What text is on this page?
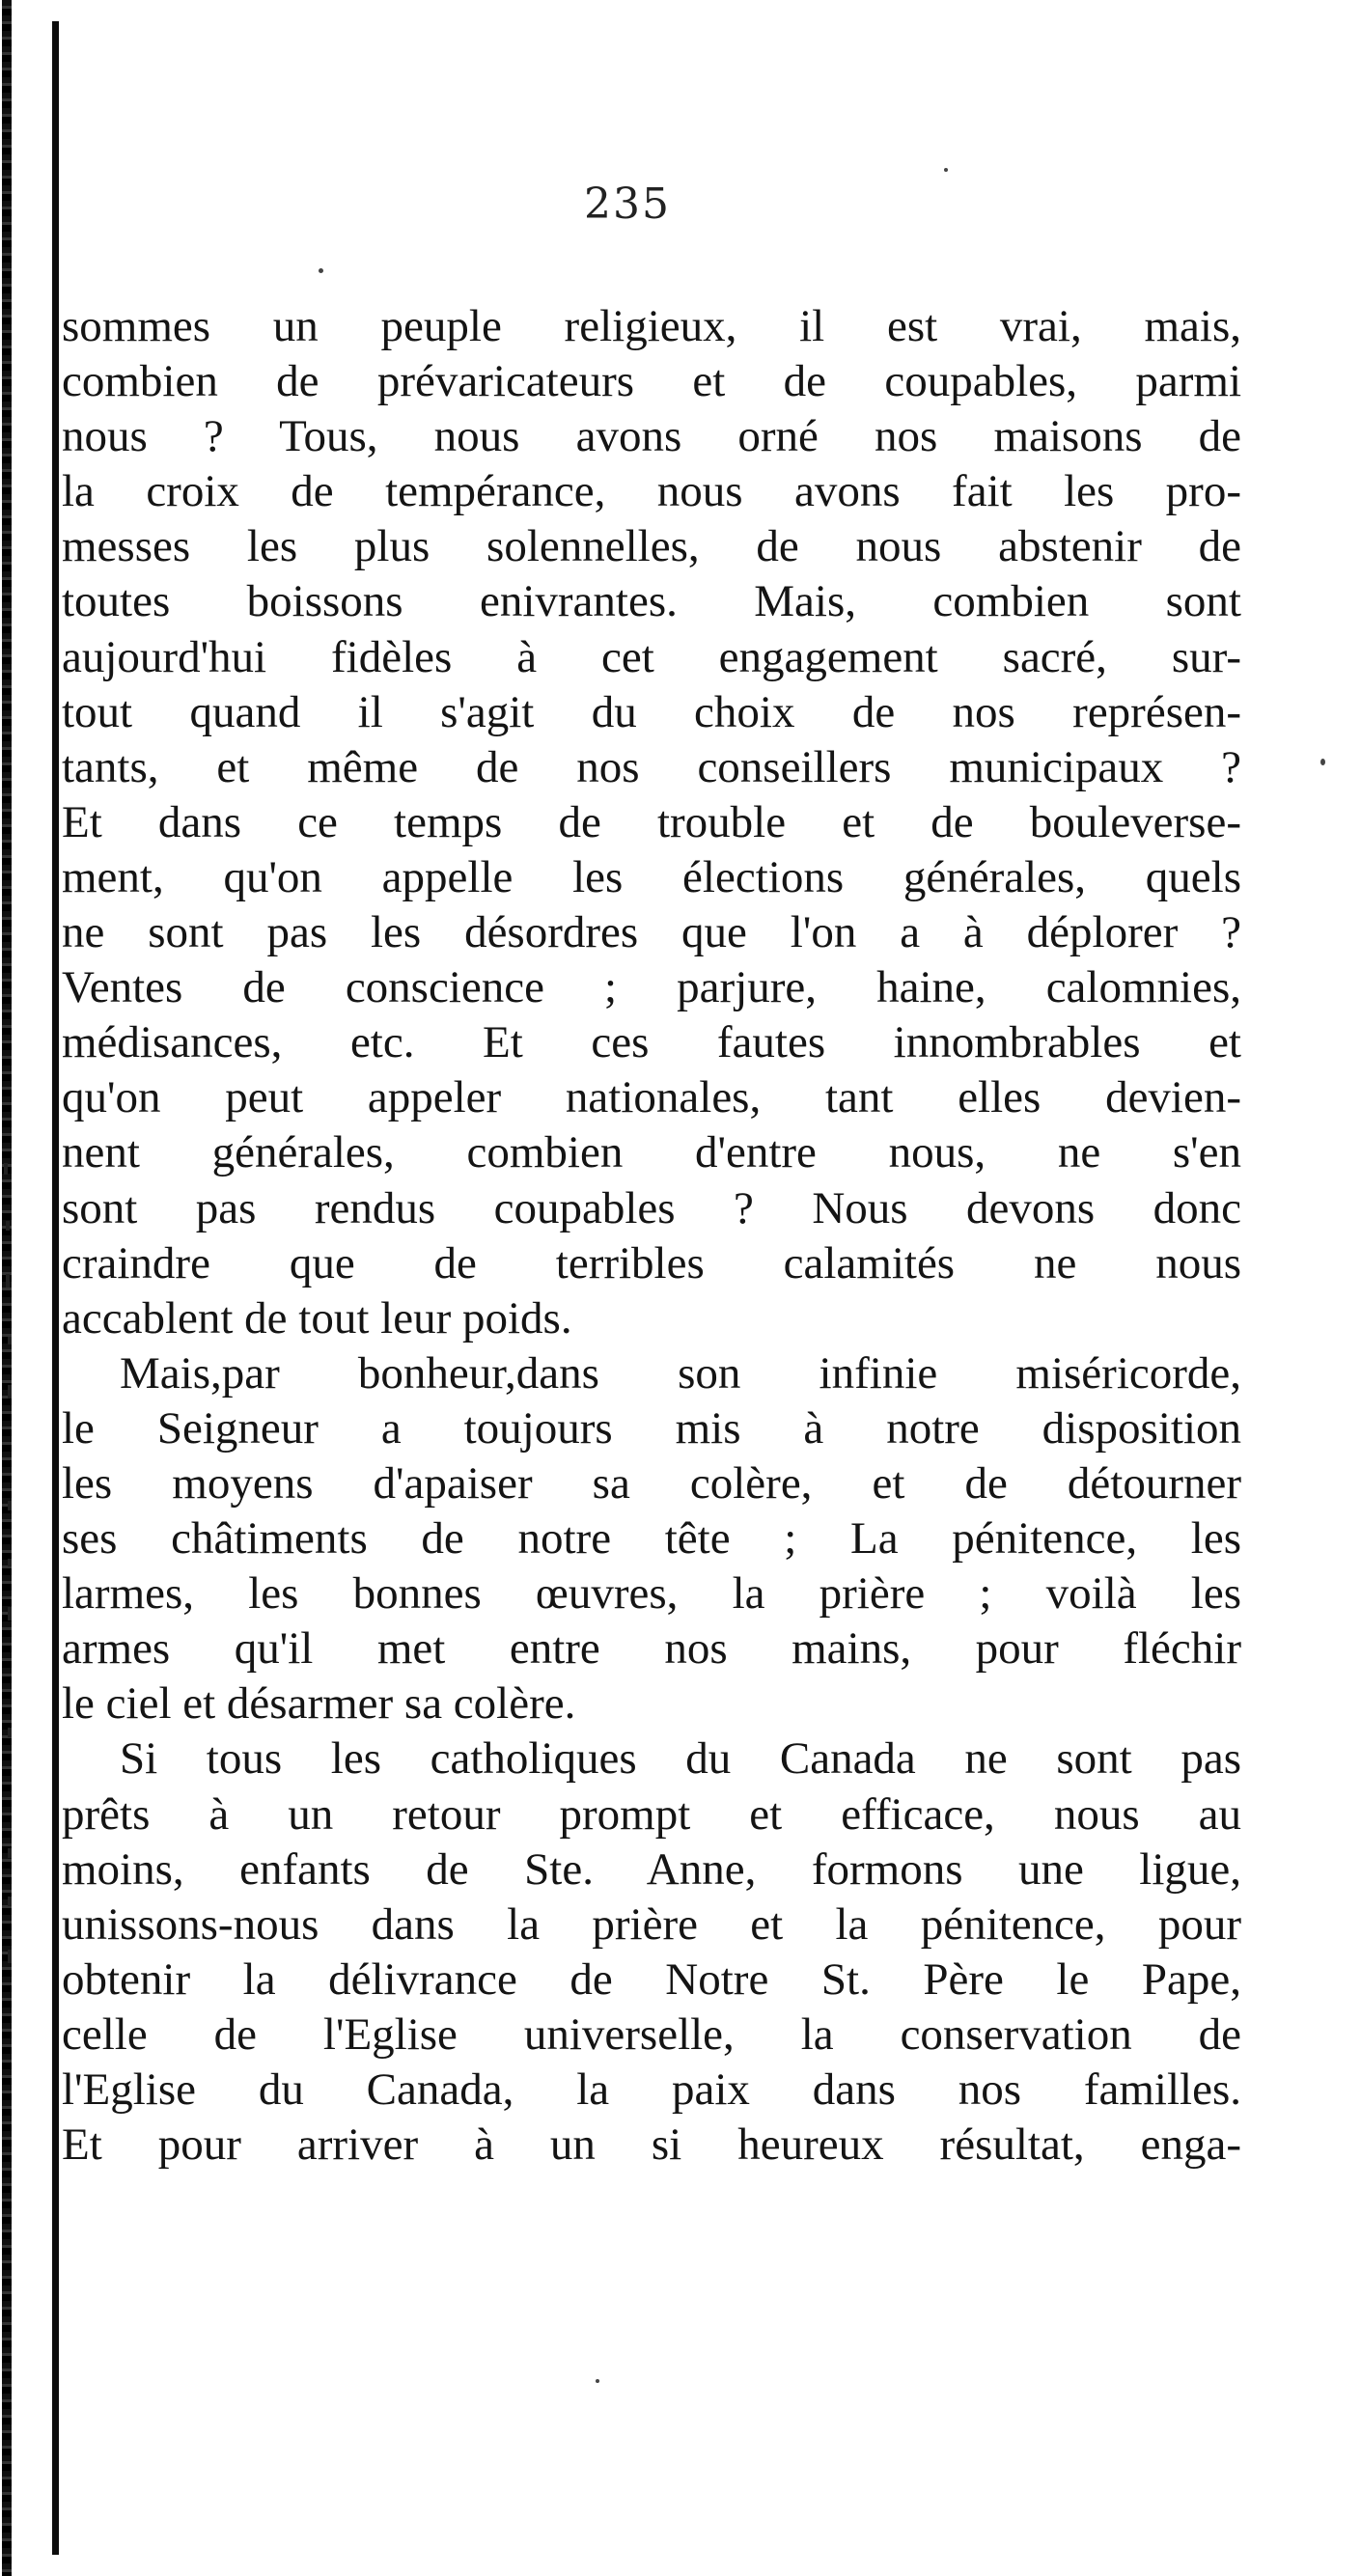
235
sommes un peuple religieux, il est vrai, mais,
combien de prévaricateurs et de coupables, parmi
nous ? Tous, nous avons orné nos maisons de
la croix de tempérance, nous avons fait les pro-
messes les plus solennelles, de nous abstenir de
toutes boissons enivrantes. Mais, combien sont
aujourd'hui fidèles à cet engagement sacré, sur-
tout quand il s'agit du choix de nos représen-
tants, et même de nos conseillers municipaux ?
Et dans ce temps de trouble et de bouleverse-
ment, qu'on appelle les élections générales, quels
ne sont pas les désordres que l'on a à déplorer ?
Ventes de conscience ; parjure, haine, calomnies,
médisances, etc. Et ces fautes innombrables et
qu'on peut appeler nationales, tant elles devien-
nent générales, combien d'entre nous, ne s'en
sont pas rendus coupables ? Nous devons donc
craindre que de terribles calamités ne nous
accablent de tout leur poids.
Mais,par bonheur,dans son infinie miséricorde,
le Seigneur a toujours mis à notre disposition
les moyens d'apaiser sa colère, et de détourner
ses châtiments de notre tête ; La pénitence, les
larmes, les bonnes œuvres, la prière ; voilà les
armes qu'il met entre nos mains, pour fléchir
le ciel et désarmer sa colère.
Si tous les catholiques du Canada ne sont pas
prêts à un retour prompt et efficace, nous au
moins, enfants de Ste. Anne, formons une ligue,
unissons-nous dans la prière et la pénitence, pour
obtenir la délivrance de Notre St. Père le Pape,
celle de l'Eglise universelle, la conservation de
l'Eglise du Canada, la paix dans nos familles.
Et pour arriver à un si heureux résultat, enga-
